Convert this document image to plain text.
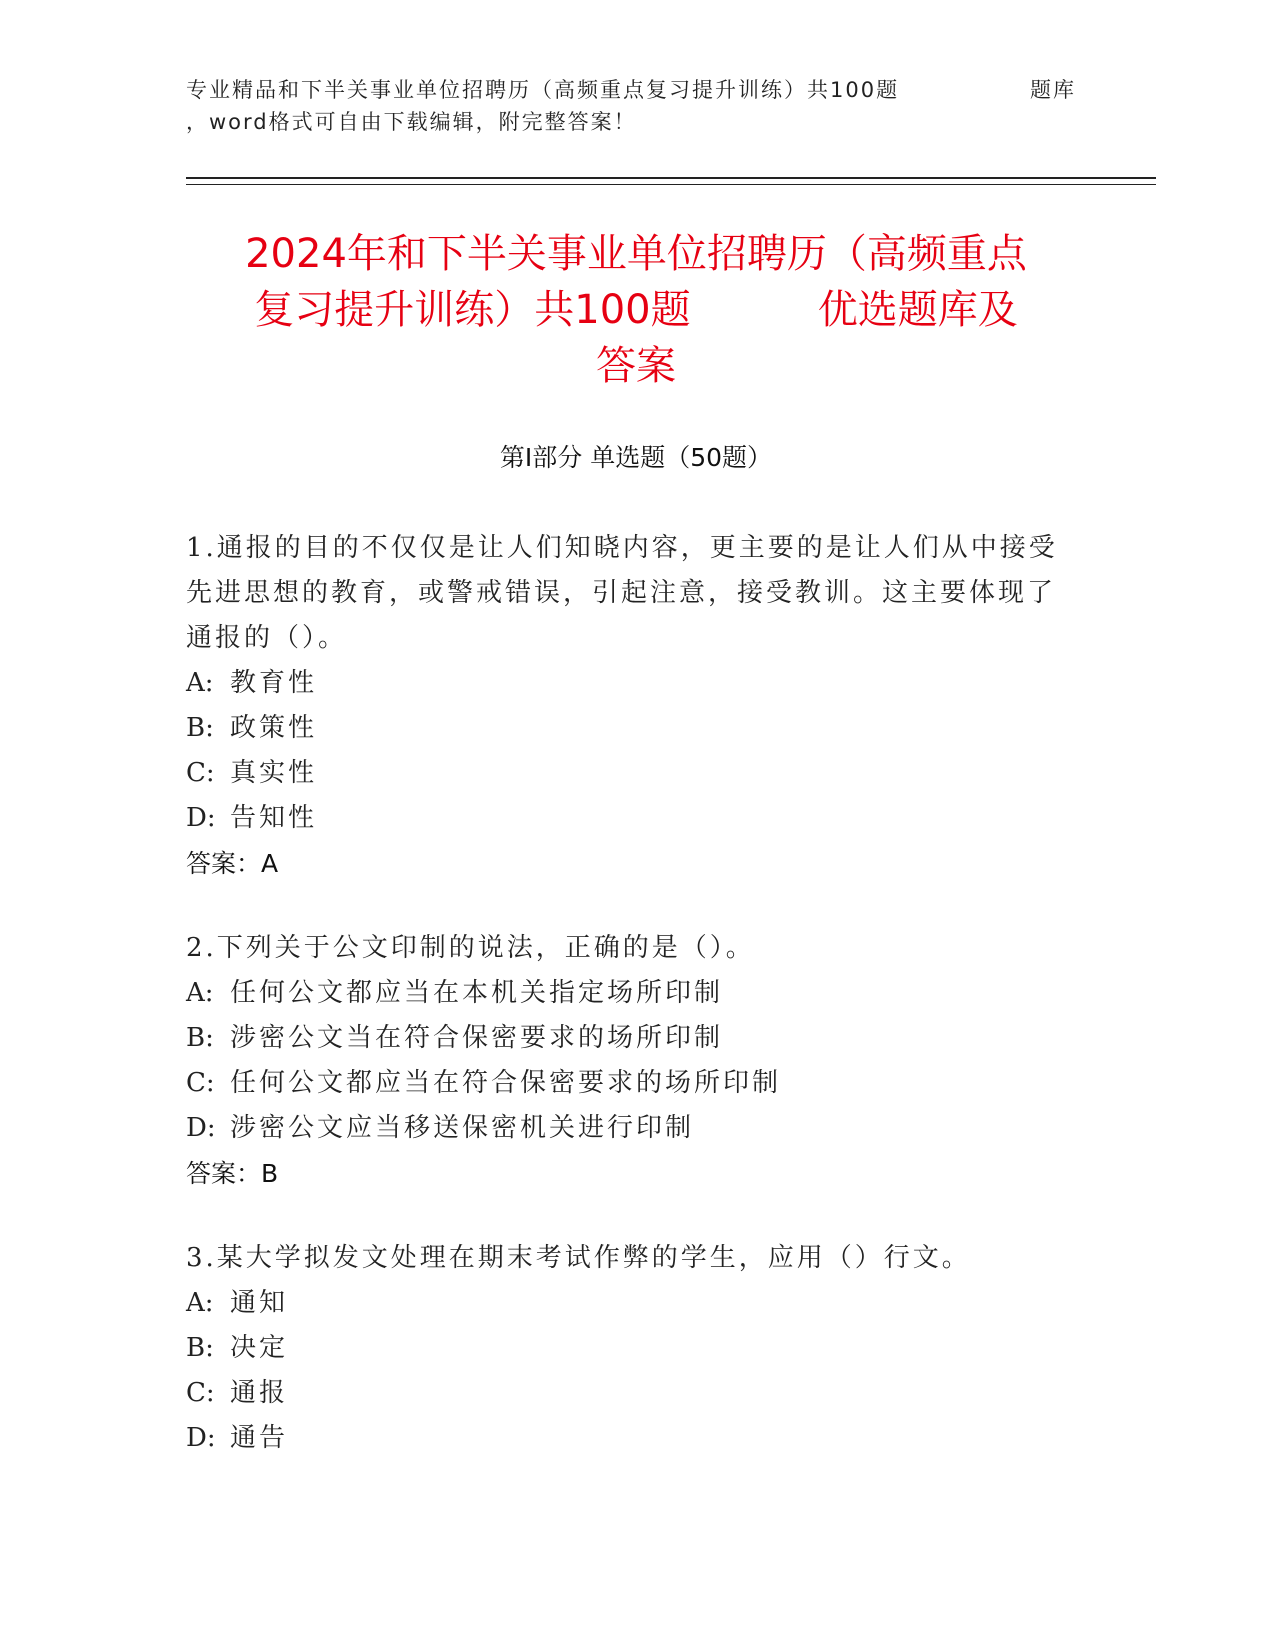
专业精品和下半关事业单位招聘历（高频重点复习提升训练）共100题
，word格式可自由下载编辑，附完整答案！
题库
2024年和下半关事业单位招聘历（高频重点
复习提升训练）共100题          优选题库及
答案
第Ⅰ部分 单选题（50题）
1.通报的目的不仅仅是让人们知晓内容，更主要的是让人们从中接受
先进思想的教育，或警戒错误，引起注意，接受教训。这主要体现了
通报的（）。
A: 教育性
B: 政策性
C: 真实性
D: 告知性
答案：A
2.下列关于公文印制的说法，正确的是（）。
A: 任何公文都应当在本机关指定场所印制
B: 涉密公文当在符合保密要求的场所印制
C: 任何公文都应当在符合保密要求的场所印制
D: 涉密公文应当移送保密机关进行印制
答案：B
3.某大学拟发文处理在期末考试作弊的学生，应用（）行文。
A: 通知
B: 决定
C: 通报
D: 通告
